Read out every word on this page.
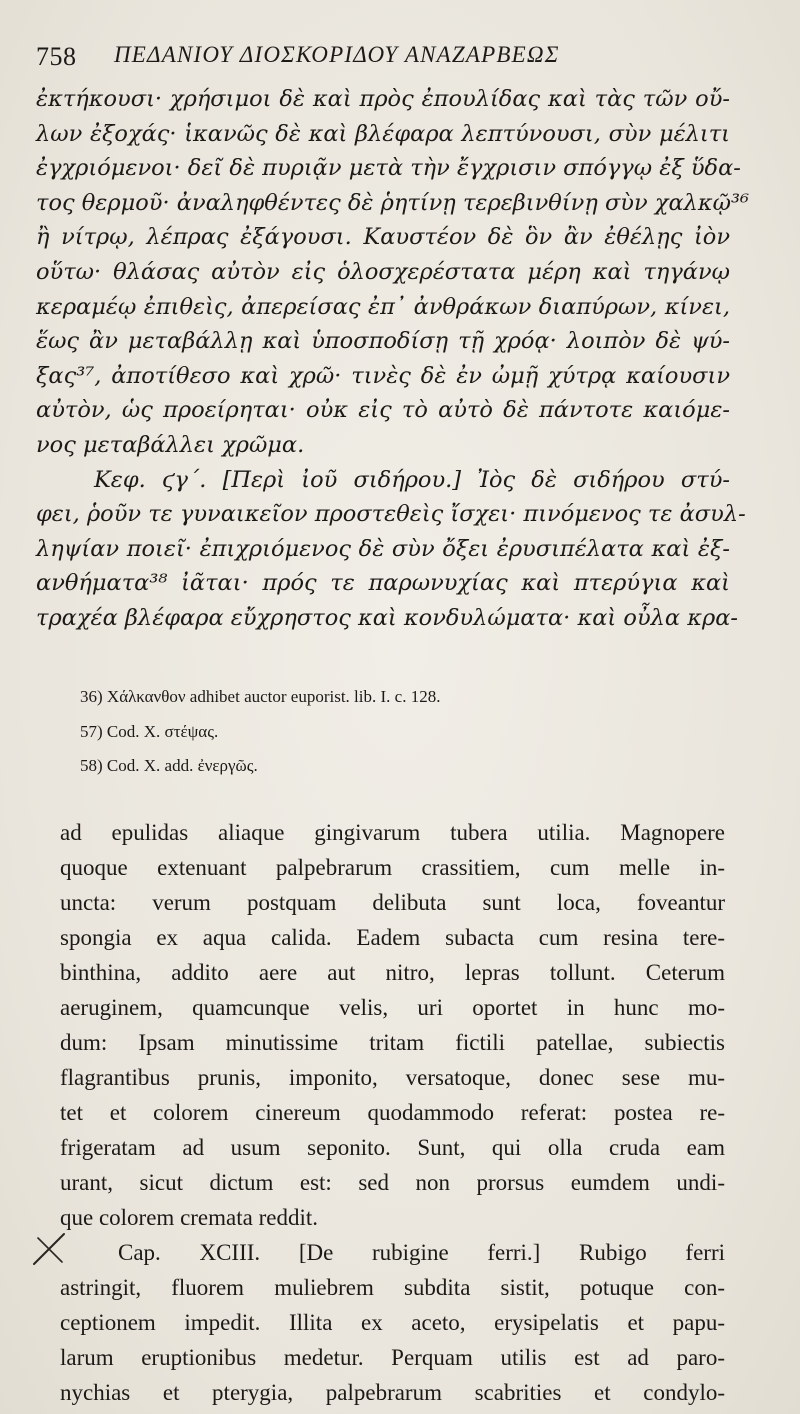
758 ΠΕΔΑΝΙΟΥ ΔΙΟΣΚΟΡΙΔΟΥ ΑΝΑΖΑΡΒΕΩΣ
ἐκτήκουσι· χρήσιμοι δὲ καὶ πρὸς ἐπουλίδας καὶ τὰς τῶν οὔ-
λων ἐξοχάς· ἱκανῶς δὲ καὶ βλέφαρα λεπτύνουσι, σὺν μέλιτι
ἐγχριόμενοι· δεῖ δὲ πυριᾷν μετὰ τὴν ἔγχρισιν σπόγγῳ ἐξ ὕδα-
τος θερμοῦ· ἀναληφθέντες δὲ ῥητίνῃ τερεβινθίνῃ σὺν χαλκῷ³⁶
ἢ νίτρῳ, λέπρας ἐξάγουσι. Καυστέον δὲ ὃν ἂν ἐθέλῃς ἰὸν
οὕτω· θλάσας αὐτὸν εἰς ὁλοσχερέστατα μέρη καὶ τηγάνῳ
κεραμέῳ ἐπιθεὶς, ἀπερείσας ἐπ᾽ ἀνθράκων διαπύρων, κίνει,
ἕως ἂν μεταβάλλῃ καὶ ὑποσποδίσῃ τῇ χρόᾳ· λοιπὸν δὲ ψύ-
ξας³⁷, ἀποτίθεσο καὶ χρῶ· τινὲς δὲ ἐν ὠμῇ χύτρᾳ καίουσιν
αὐτὸν, ὡς προείρηται· οὐκ εἰς τὸ αὐτὸ δὲ πάντοτε καιόμε-
νος μεταβάλλει χρῶμα.
Κεφ. ϛγ΄. [Περὶ ἰοῦ σιδήρου.] Ἰὸς δὲ σιδήρου στύ-
φει, ῥοῦν τε γυναικεῖον προστεθεὶς ἴσχει· πινόμενος τε ἀσυλ-
ληψίαν ποιεῖ· ἐπιχριόμενος δὲ σὺν ὄξει ἐρυσιπέλατα καὶ ἐξ-
ανθήματα³⁸ ἰᾶται· πρός τε παρωνυχίας καὶ πτερύγια καὶ
τραχέα βλέφαρα εὔχρηστος καὶ κονδυλώματα· καὶ οὖλα κρα-
36) Χάλκανθον adhibet auctor euporist. lib. I. c. 128.
57) Cod. X. στέψας.
58) Cod. X. add. ἐνεργῶς.
ad epulidas aliaque gingivarum tubera utilia. Magnopere
quoque extenuant palpebrarum crassitiem, cum melle in-
uncta: verum postquam delibuta sunt loca, foveantur
spongia ex aqua calida. Eadem subacta cum resina tere-
binthina, addito aere aut nitro, lepras tollunt. Ceterum
aeruginem, quamcunque velis, uri oportet in hunc mo-
dum: Ipsam minutissime tritam fictili patellae, subiectis
flagrantibus prunis, imponito, versatoque, donec sese mu-
tet et colorem cinereum quodammodo referat: postea re-
frigeratam ad usum seponito. Sunt, qui olla cruda eam
urant, sicut dictum est: sed non prorsus eumdem undi-
que colorem cremata reddit.
Cap. XCIII. [De rubigine ferri.] Rubigo ferri
astringit, fluorem muliebrem subdita sistit, potuque con-
ceptionem impedit. Illita ex aceto, erysipelatis et papu-
larum eruptionibus medetur. Perquam utilis est ad paro-
nychias et pterygia, palpebrarum scabrities et condylo-
